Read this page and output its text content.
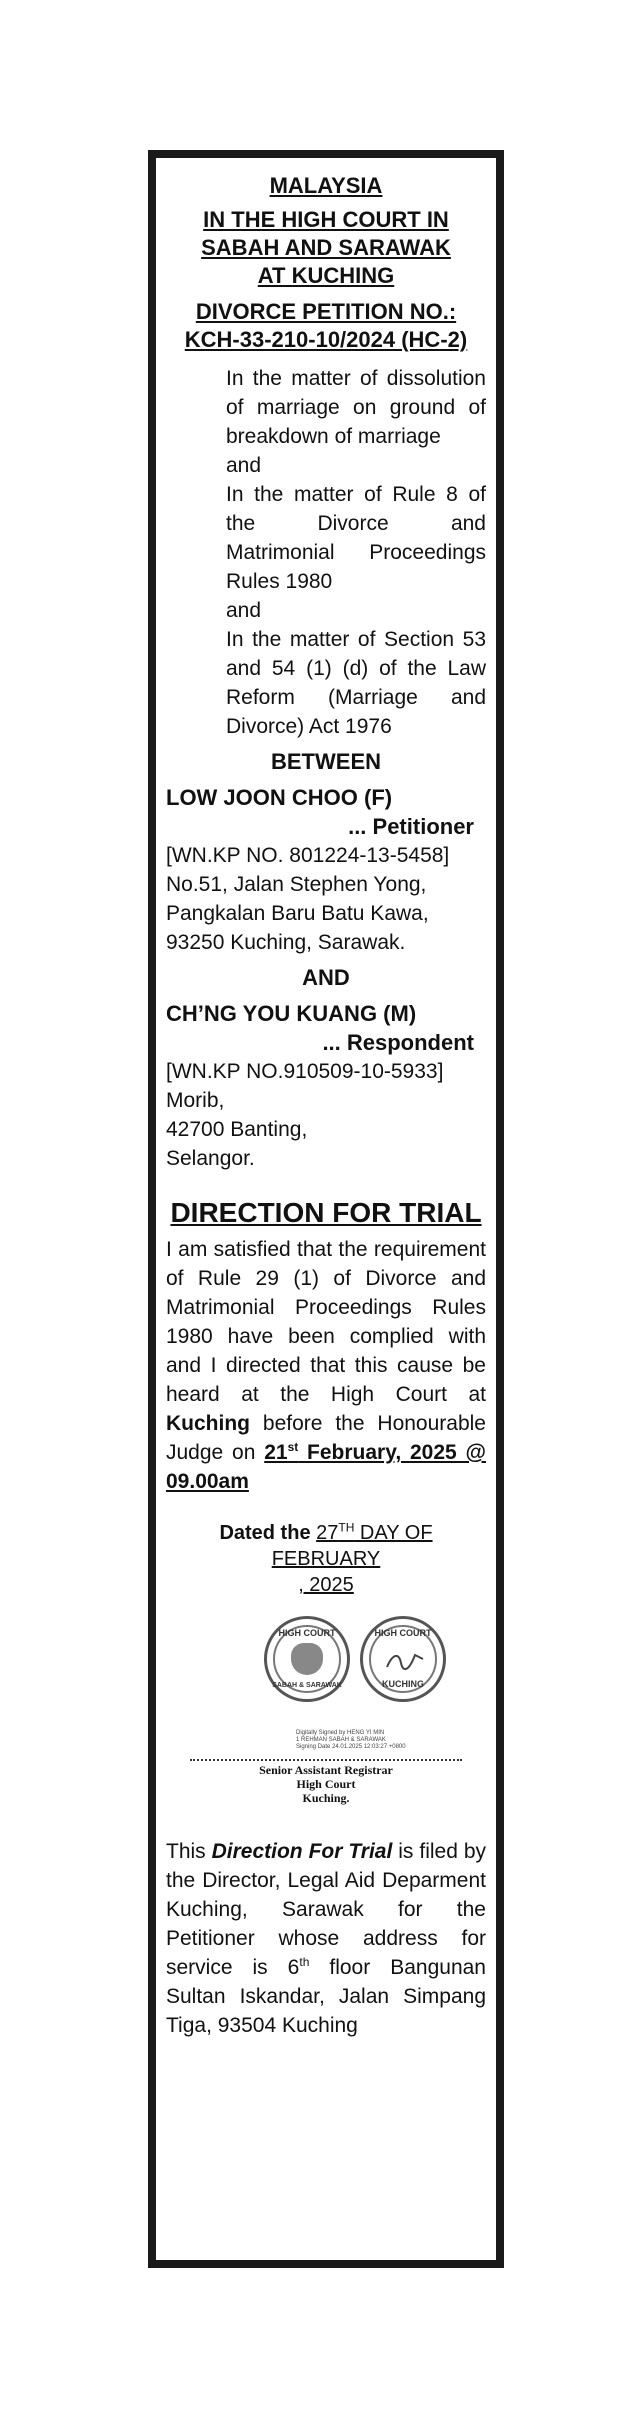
MALAYSIA

IN THE HIGH COURT IN

SABAH AND SARAWAK

AT KUCHING

DIVORCE PETITION NO.:

KCH-33-210-10/2024 (HC-2)

In the matter of dissolution of marriage on ground of breakdown of marriage

and

In the matter of Rule 8 of the Divorce and Matrimonial Proceedings Rules 1980

and

In the matter of Section 53 and 54 (1) (d) of the Law Reform (Marriage and Divorce) Act 1976

BETWEEN
LOW JOON CHOO (F)
... Petitioner
[WN.KP NO. 801224-13-5458]
No.51, Jalan Stephen Yong,
Pangkalan Baru Batu Kawa,
93250 Kuching, Sarawak.
AND
CH’NG YOU KUANG (M)
... Respondent
[WN.KP NO.910509-10-5933]
Morib,
42700 Banting,
Selangor.
DIRECTION FOR TRIAL
I am satisfied that the requirement of Rule 29 (1) of Divorce and Matrimonial Proceedings Rules 1980 have been complied with and I directed that this cause be heard at the High Court at Kuching before the Honourable Judge on 21st February, 2025 @ 09.00am
Dated the 27TH DAY OF FEBRUARY
, 2025
HIGH COURT
SABAH & SARAWAK
HIGH COURT
KUCHING
Digitally Signed by HENG YI MIN
1 REHMAN SABAH & SARAWAK
Signing Date 24.01.2025 12:03:27 +0800
Senior Assistant Registrar
High Court
Kuching.
This Direction For Trial is filed by the Director, Legal Aid Deparment Kuching, Sarawak for the Petitioner whose address for service is 6th floor Bangunan Sultan Iskandar, Jalan Simpang Tiga, 93504 Kuching
